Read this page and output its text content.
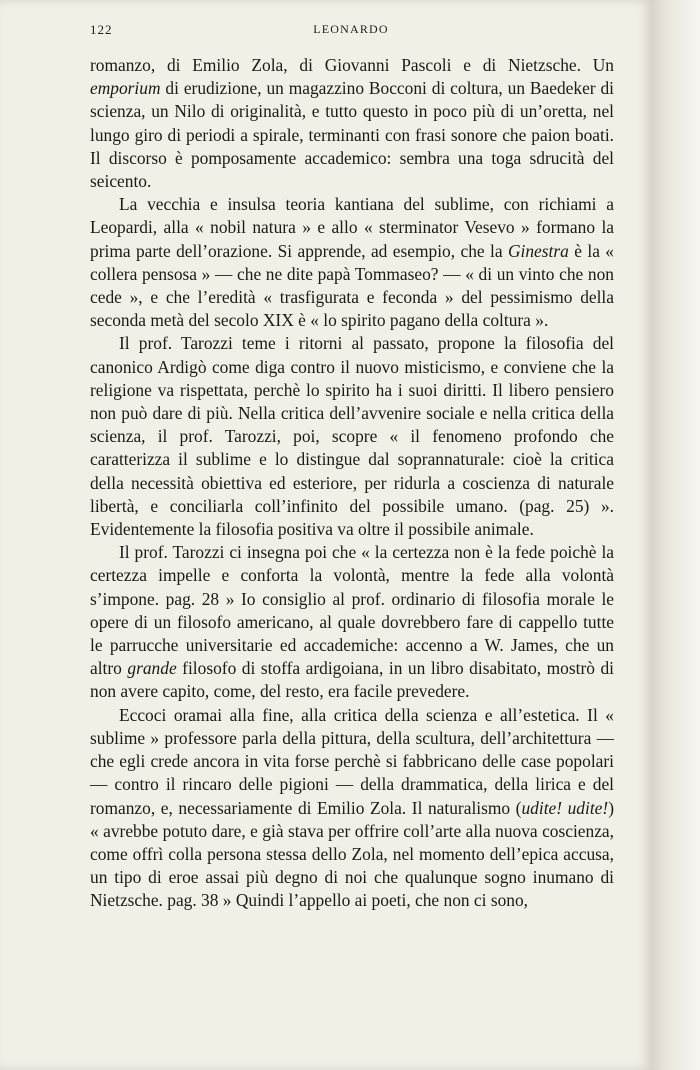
122	LEONARDO

romanzo, di Emilio Zola, di Giovanni Pascoli e di Nietzsche. Un emporium di erudizione, un magazzino Bocconi di coltura, un Baedeker di scienza, un Nilo di originalità, e tutto questo in poco più di un’oretta, nel lungo giro di periodi a spirale, terminanti con frasi sonore che paion boati. Il discorso è pomposamente accademico: sembra una toga sdrucità del seicento.

La vecchia e insulsa teoria kantiana del sublime, con richiami a Leopardi, alla « nobil natura » e allo « sterminator Vesevo » formano la prima parte dell’orazione. Si apprende, ad esempio, che la Ginestra è la « collera pensosa » — che ne dite papà Tommaseo? — « di un vinto che non cede », e che l’eredità « trasfigurata e feconda » del pessimismo della seconda metà del secolo XIX è « lo spirito pagano della coltura ».

Il prof. Tarozzi teme i ritorni al passato, propone la filosofia del canonico Ardigò come diga contro il nuovo misticismo, e conviene che la religione va rispettata, perchè lo spirito ha i suoi diritti. Il libero pensiero non può dare di più. Nella critica dell’avvenire sociale e nella critica della scienza, il prof. Tarozzi, poi, scopre « il fenomeno profondo che caratterizza il sublime e lo distingue dal soprannaturale: cioè la critica della necessità obiettiva ed esteriore, per ridurla a coscienza di naturale libertà, e conciliarla coll’infinito del possibile umano. (pag. 25) ». Evidentemente la filosofia positiva va oltre il possibile animale.

Il prof. Tarozzi ci insegna poi che « la certezza non è la fede poichè la certezza impelle e conforta la volontà, mentre la fede alla volontà s’impone. pag. 28 » Io consiglio al prof. ordinario di filosofia morale le opere di un filosofo americano, al quale dovrebbero fare di cappello tutte le parrucche universitarie ed accademiche: accenno a W. James, che un altro grande filosofo di stoffa ardigoiana, in un libro disabitato, mostrò di non avere capito, come, del resto, era facile prevedere.

Eccoci oramai alla fine, alla critica della scienza e all’estetica. Il « sublime » professore parla della pittura, della scultura, dell’architettura — che egli crede ancora in vita forse perchè si fabbricano delle case popolari — contro il rincaro delle pigioni — della drammatica, della lirica e del romanzo, e, necessariamente di Emilio Zola. Il naturalismo (udite! udite!) « avrebbe potuto dare, e già stava per offrire coll’arte alla nuova coscienza, come offrì colla persona stessa dello Zola, nel momento dell’epica accusa, un tipo di eroe assai più degno di noi che qualunque sogno inumano di Nietzsche. pag. 38 » Quindi l’appello ai poeti, che non ci sono,
